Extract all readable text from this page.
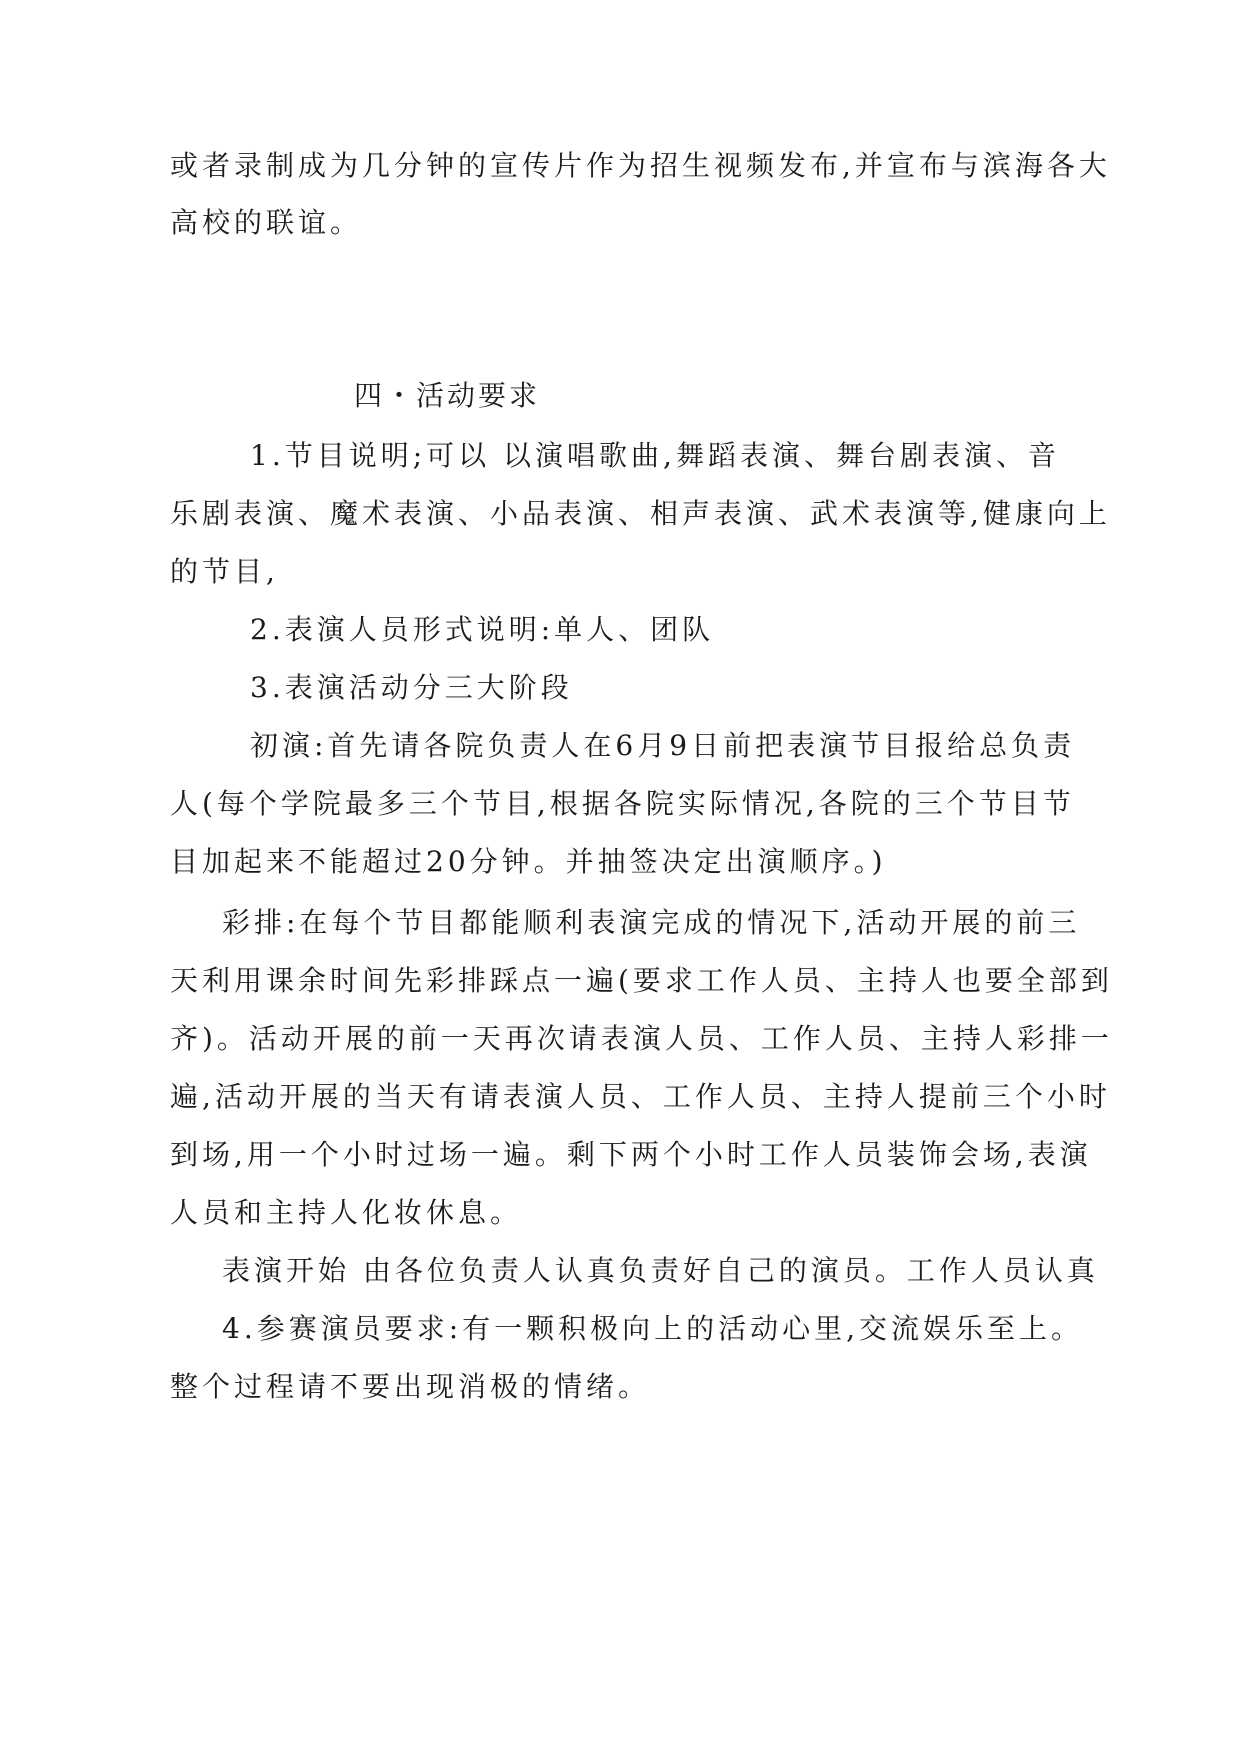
或者录制成为几分钟的宣传片作为招生视频发布,并宣布与滨海各大
高校的联谊。
四・活动要求
1.节目说明;可以 以演唱歌曲,舞蹈表演、舞台剧表演、音
乐剧表演、魔术表演、小品表演、相声表演、武术表演等,健康向上
的节目,
2.表演人员形式说明:单人、团队
3.表演活动分三大阶段
初演:首先请各院负责人在6月9日前把表演节目报给总负责
人(每个学院最多三个节目,根据各院实际情况,各院的三个节目节
目加起来不能超过20分钟。并抽签决定出演顺序。)
彩排:在每个节目都能顺利表演完成的情况下,活动开展的前三
天利用课余时间先彩排踩点一遍(要求工作人员、主持人也要全部到
齐)。活动开展的前一天再次请表演人员、工作人员、主持人彩排一
遍,活动开展的当天有请表演人员、工作人员、主持人提前三个小时
到场,用一个小时过场一遍。剩下两个小时工作人员装饰会场,表演
人员和主持人化妆休息。
表演开始 由各位负责人认真负责好自己的演员。工作人员认真
4.参赛演员要求:有一颗积极向上的活动心里,交流娱乐至上。
整个过程请不要出现消极的情绪。
